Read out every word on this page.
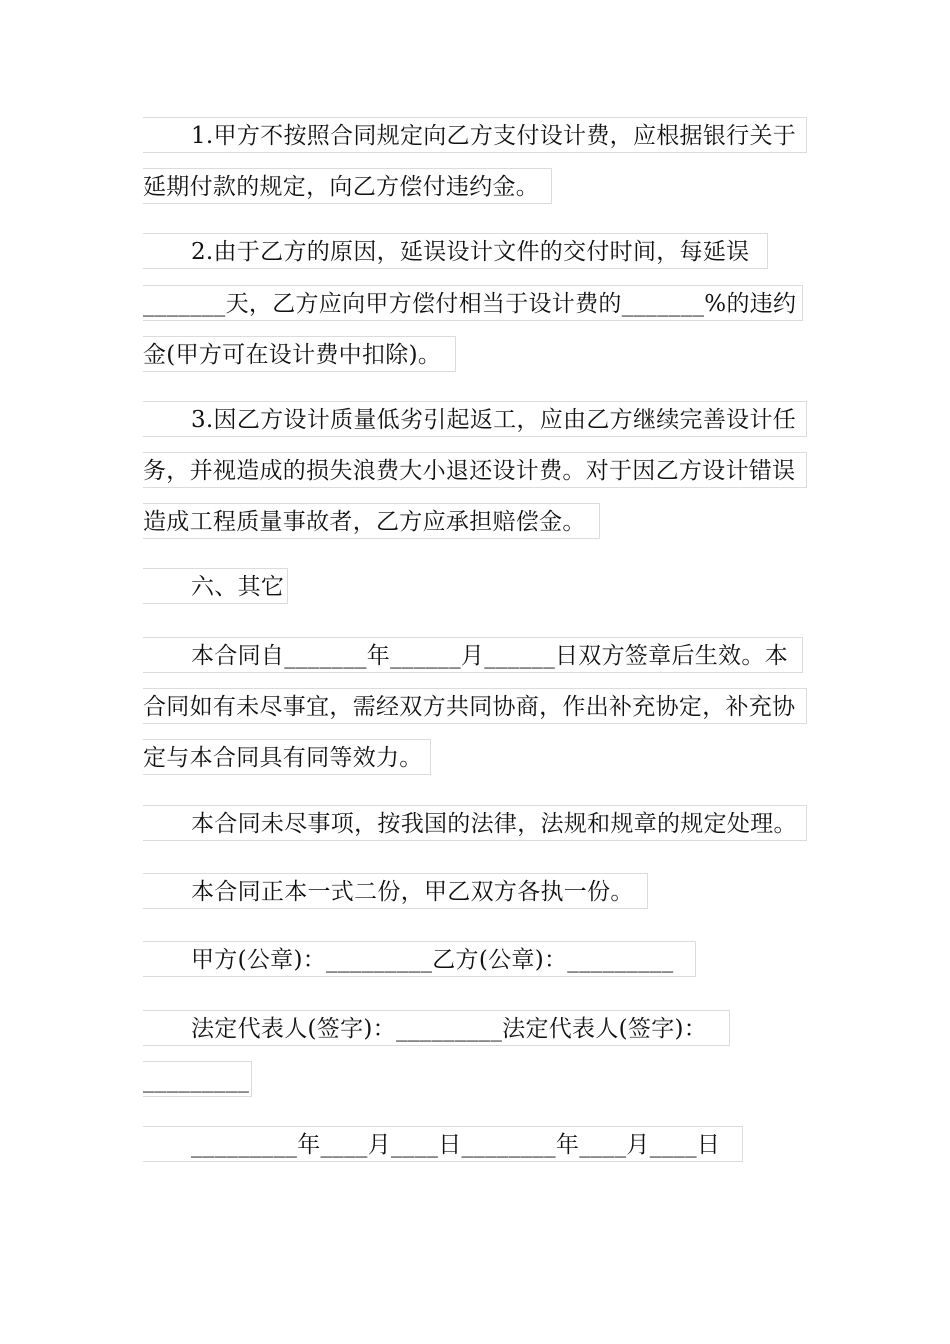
1.甲方不按照合同规定向乙方支付设计费，应根据银行关于
延期付款的规定，向乙方偿付违约金。
2.由于乙方的原因，延误设计文件的交付时间，每延误
_______天，乙方应向甲方偿付相当于设计费的_______%的违约
金(甲方可在设计费中扣除)。
3.因乙方设计质量低劣引起返工，应由乙方继续完善设计任
务，并视造成的损失浪费大小退还设计费。对于因乙方设计错误
造成工程质量事故者，乙方应承担赔偿金。
六、其它
本合同自_______年______月______日双方签章后生效。本
合同如有未尽事宜，需经双方共同协商，作出补充协定，补充协
定与本合同具有同等效力。
本合同未尽事项，按我国的法律，法规和规章的规定处理。
本合同正本一式二份，甲乙双方各执一份。
甲方(公章)：_________乙方(公章)：_________
法定代表人(签字)：_________法定代表人(签字)：
_________
_________年____月____日________年____月____日
